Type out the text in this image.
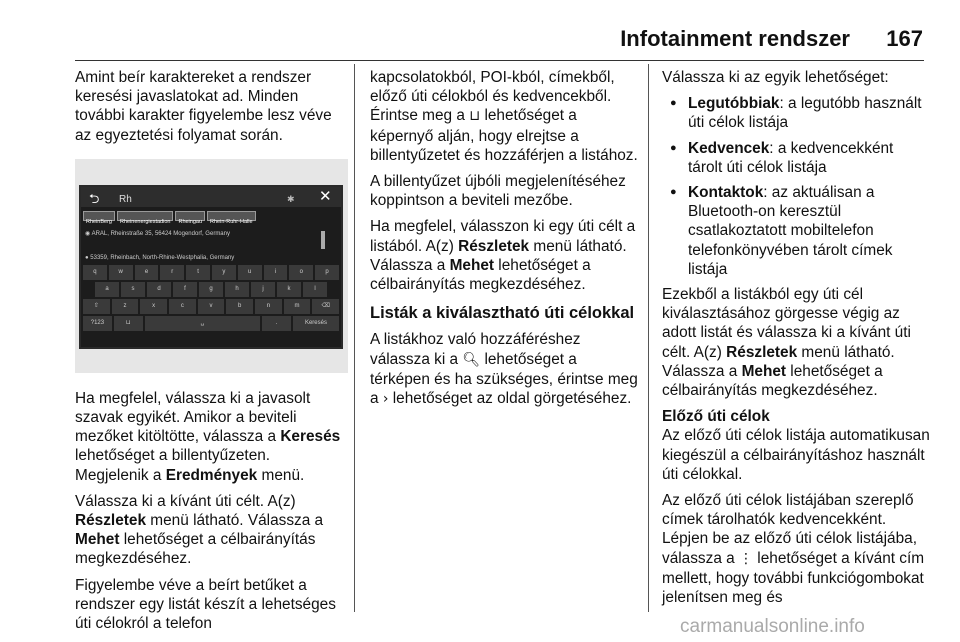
Infotainment rendszer 167

Amint beír karaktereket a rendszer keresési javaslatokat ad. Minden további karakter figyelembe lesz véve az egyeztetési folyamat során.

⮌ Rh	✱ ✕
RheinBerg	Rheinenergiestadion	Rheingau	Rhein-Ruhr-Halle
◉ ARAL, Rheinstraße 35, 56424 Mogendorf, Germany
● 53359, Rheinbach, North-Rhine-Westphalia, Germany
q	w	e	r	t	y	u	i	o	p
a	s	d	f	g	h	j	k	l
⇧	z	x	c	v	b	n	m	⌫
?123	⊔	␣	.	Keresés

Ha megfelel, válassza ki a javasolt szavak egyikét. Amikor a beviteli mezőket kitöltötte, válassza a Keresés lehetőséget a billentyűzeten. Megjelenik a Eredmények menü.

Válassza ki a kívánt úti célt. A(z) Részletek menü látható. Válassza a Mehet lehetőséget a célbairányítás megkezdéséhez.

Figyelembe véve a beírt betűket a rendszer egy listát készít a lehetséges úti célokról a telefon

kapcsolatokból, POI-kból, címekből, előző úti célokból és kedvencekből. Érintse meg a ⊔ lehetőséget a képernyő alján, hogy elrejtse a billentyűzetet és hozzáférjen a listához.

A billentyűzet újbóli megjelenítéséhez koppintson a beviteli mezőbe.

Ha megfelel, válasszon ki egy úti célt a listából. A(z) Részletek menü látható. Válassza a Mehet lehetőséget a célbairányítás megkezdéséhez.

Listák a kiválasztható úti célokkal

A listákhoz való hozzáféréshez válassza ki a 🔍︎ lehetőséget a térképen és ha szükséges, érintse meg a › lehetőséget az oldal görgetéséhez.

Válassza ki az egyik lehetőséget:

● Legutóbbiak: a legutóbb használt úti célok listája
● Kedvencek: a kedvencekként tárolt úti célok listája
● Kontaktok: az aktuálisan a Bluetooth-on keresztül csatlakoztatott mobiltelefon telefonkönyvében tárolt címek listája

Ezekből a listákból egy úti cél kiválasztásához görgesse végig az adott listát és válassza ki a kívánt úti célt. A(z) Részletek menü látható. Válassza a Mehet lehetőséget a célbairányítás megkezdéséhez.

Előző úti célok

Az előző úti célok listája automatikusan kiegészül a célbairányításhoz használt úti célokkal.

Az előző úti célok listájában szereplő címek tárolhatók kedvencekként. Lépjen be az előző úti célok listájába, válassza a ⋮ lehetőséget a kívánt cím mellett, hogy további funkciógombokat jelenítsen meg és

carmanualsonline.info
